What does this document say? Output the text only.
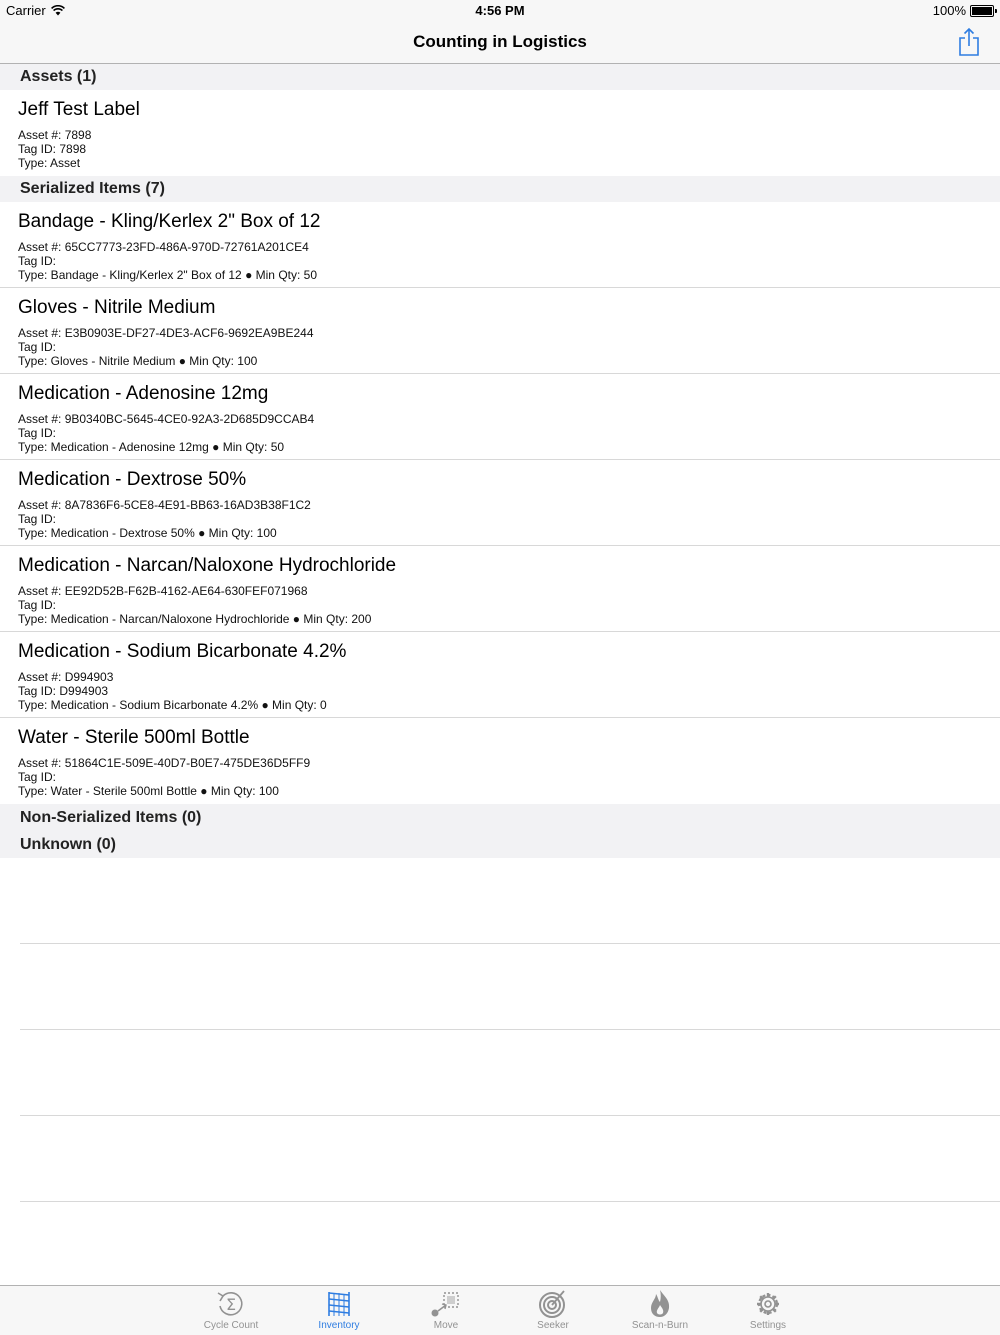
Carrier	4:56 PM	100%
Counting in Logistics
Assets (1)
Jeff Test Label
Asset #: 7898
Tag ID: 7898
Type: Asset
Serialized Items (7)
Bandage - Kling/Kerlex 2" Box of 12
Asset #: 65CC7773-23FD-486A-970D-72761A201CE4
Tag ID:
Type: Bandage - Kling/Kerlex 2" Box of 12 ● Min Qty: 50
Gloves - Nitrile Medium
Asset #: E3B0903E-DF27-4DE3-ACF6-9692EA9BE244
Tag ID:
Type: Gloves - Nitrile Medium ● Min Qty: 100
Medication - Adenosine 12mg
Asset #: 9B0340BC-5645-4CE0-92A3-2D685D9CCAB4
Tag ID:
Type: Medication - Adenosine 12mg ● Min Qty: 50
Medication - Dextrose 50%
Asset #: 8A7836F6-5CE8-4E91-BB63-16AD3B38F1C2
Tag ID:
Type: Medication - Dextrose 50% ● Min Qty: 100
Medication - Narcan/Naloxone Hydrochloride
Asset #: EE92D52B-F62B-4162-AE64-630FEF071968
Tag ID:
Type: Medication - Narcan/Naloxone Hydrochloride ● Min Qty: 200
Medication - Sodium Bicarbonate 4.2%
Asset #: D994903
Tag ID: D994903
Type: Medication - Sodium Bicarbonate 4.2% ● Min Qty: 0
Water - Sterile 500ml Bottle
Asset #: 51864C1E-509E-40D7-B0E7-475DE36D5FF9
Tag ID:
Type: Water - Sterile 500ml Bottle ● Min Qty: 100
Non-Serialized Items (0)
Unknown (0)
Σ
Cycle Count	Inventory	Move	Seeker	Scan-n-Burn	Settings
